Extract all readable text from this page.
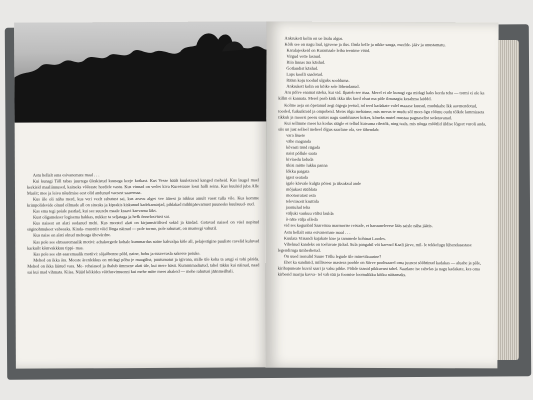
Astu hellalt oma esivanemate maal . . .

Kui kunagi Tõll tabas juurtega üleskistud kuusega korje kotkast. Kus Vesse häält kuuletavad kanged meheid. Kus laugel mael kerkisid maaliinnused, kaitseks võõraste hordide vastu. Kus vinnad on vedes kiva Kuressaare lossi halli seina. Kus kuulsid juba Alle Mariit; mee ja leiva nõudmise eest olid andunud vaesest saaremaa.

Kus iile oli näha merd, kus veri veelt rahutust sai, kus aeavu alges vee äärest ja nikkus amult vaest tulla vile. Kus komme krimpolidevide olnud ollmade all on sinesks ja kiprakis kiskunud kadekamarjad, pihlakad mihhipäevamust puunesks kuulsuud- nud.

Kas ema tegi poiale pastlad, kui see suurelu maale kraavi kaevama läks.

Kust oligamekser logisema hakkas, nukker ta seljataga ja hefk õnnelosvtust sai.

Kus naisest on alati oodanud mehi. Kus meestel alati on kirjumstriilised sokid ja kindad. Gotavad naised on väel nopitud söginohmukeet vabeeaks. Kinda- mustriit võid lõnga näinud — pole tormo, pole rahutust, on mustergi vahutil.

Kus naise on alati olnud meheaga ühevärdne.

Kas pole see ehtsaaremaalik motivi: adrakorgede kohale kummardus naine kahvalpa kõle all, pelajestigine puuliste ravelid kuluvad karkuilt kõmvakkkuu tippi- mas.

Kas pole see eht-saaremaalik motiivi: sõjaõbenne põld, naine, hobu ja suurevasla sakesse poiuke.

Mehed on ikka ära. Meeste ärenlekkus on midagi põhu je maagilist, puutumatut ja igivana, mille üle koha ta arugi ei tohi pärida. Mehed on ikka läinud vara. Me- rehaiased ja ihalub ümmene alati üle, kui mere hästi. Kummimadiutud, tahel täkku kui näinud, naad sai kui mad vihmata. Kiisa. Nüüd kõikides võitlusvimuenni kui mehe mõte mees ahaleid — mehe rahutusi jäänmeilhali.

Ankrukett kolin on ue laulu algus.

Kõik see on nagu laul, igavene ja ilus. Ilmla kelle ja nikke sauga, meelde- jääv ja unustamatu.

Karalajeskeid on Kuramaale leiba teenime vööd.

Virgud vette lasnud.

Riia linnas ära käidud.

Gotlandist käidud.

Laps koolli saadetud.

Rääm koju toodud ulguks soolduma.

Ankrukett kolin on kõike sele lõhendanud.

Aru põlve enamat näeka, kui vid. Ilpateb see maa. Merel ei ole kunagi ega midagi kaks korda teha — tormi ei ole ka killm ei kannata. Merel peab kõik ikka üks kord olsut ma põle ilmasagta kesahma laiddd.

Kolme aeja on õpetanud aegi õigega jeetud, nd teed kadakate valel maaase kuusul, mudukahe lkk aavmendotud, tooded, fuikuiktoid ja ompobeid. Meirs ölgu mehaime, mis meeas te mudu sõl mees õgu rõõmu oudu tõlkde lammisseta tikkuk ja moorsi peesu samas nagu sambluuses kokes, kõneks mutel mustaa pagnaselist sedatavanad.

Kui sellmme mees ka kodus räägle et tellud kuivama rihvtõk, ning teals, mis nõuga mõõtlid üldise lõgeet vuroli anda, siis un just selleel meheel õlgus saarlane ola, see tähendab:

vara lõuete

vähe maganda

kõvasti tööd rügada

naist põllule saata

kiviaedu laduda

ükisi mõtte lukku panna

lõkku paigata

igast seatada

igale kõrvale kulgta põiesi ja üksaksul ande

mõjukast rüüblata

mootorratast osta

televiisorit kruttida

jaaniulud teha

väljuki vankuu vältsi laulda

õ-näte välja olleda

vid ses kogunbid Saaremaa marmorise reisude, et haruuneleerse lääs saisle näha jäätis.

Astu hellalt oma esivanemate maal . . .

Kuulata Viisandi kajakate kise ja tammede kohinat Loodes.

Vihelnud kandeks on toeluvate jüdud. Sula pangahil või kaevud Kaali järve, mil- le tekkelugu lühendasastase legendiruga ümberhetud.

On uued ironulid Suure Töllu legude üle minevikuarine?

Ehet ka sundinid, milliseese mastera pooble on Sõrve pooltsaarel oma juurest sõõbtinud kadakas — aluahe ja põle, kiribapuneate kuval saari ja vahu pihke. Põlide taanid pikkuvust tahel. Saarlane ise rahvlas ja nagu kadakate, kes oma kirbesid mariju kavva- tel vab tüü ja foomise loomulikku kõiku näitamaks.
